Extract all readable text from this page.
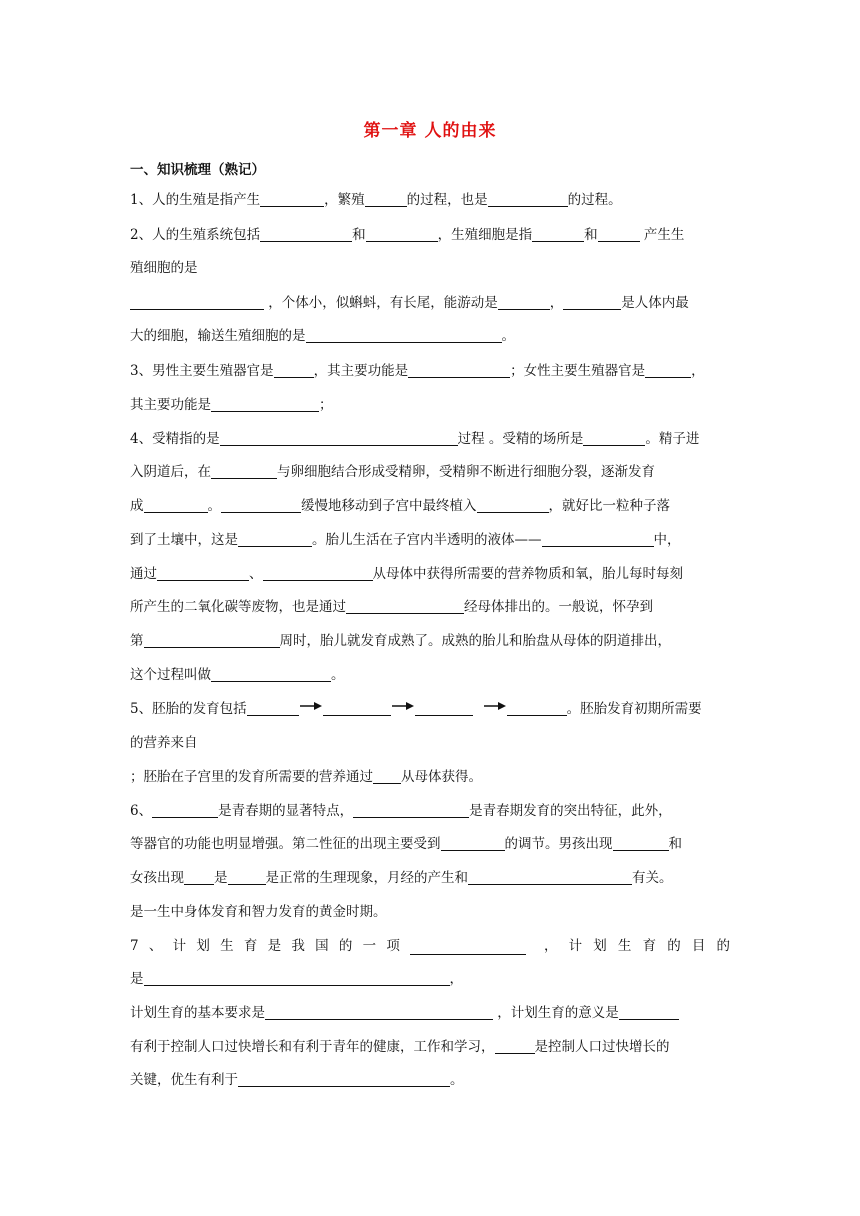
第一章 人的由来
一、知识梳理（熟记）
1、人的生殖是指产生	，繁殖	的过程，也是	的过程。
2、人的生殖系统包括	和	，生殖细胞是指	和	产生生
殖细胞的是
，个体小，似蝌蚪，有长尾，能游动是	，	是人体内最
大的细胞，输送生殖细胞的是	。
3、男性主要生殖器官是	，其主要功能是	；女性主要生殖器官是	，
其主要功能是	；
4、受精指的是	过程 。受精的场所是	。精子进
入阴道后，在	与卵细胞结合形成受精卵，受精卵不断进行细胞分裂，逐渐发育
成	。	缓慢地移动到子宫中最终植入	，就好比一粒种子落
到了土壤中，这是	。胎儿生活在子宫内半透明的液体——	中，
通过	、	从母体中获得所需要的营养物质和氧，胎儿每时每刻
所产生的二氧化碳等废物，也是通过	经母体排出的。一般说，怀孕到
第	周时，胎儿就发育成熟了。成熟的胎儿和胎盘从母体的阴道排出，
这个过程叫做	。
5、胚胎的发育包括	。胚胎发育初期所需要
的营养来自
；胚胎在子宫里的发育所需要的营养通过 从母体获得。
6、	是青春期的显著特点，	是青春期发育的突出特征，此外，
等器官的功能也明显增强。第二性征的出现主要受到	的调节。男孩出现	和
女孩出现 是	是正常的生理现象，月经的产生和	有关。
是一生中身体发育和智力发育的黄金时期。
7 、 计 划 生 育 是 我 国 的 一 项	， 计 划 生 育 的 目 的
是	，
计划生育的基本要求是	，计划生育的意义是
有利于控制人口过快增长和有利于青年的健康，工作和学习，	是控制人口过快增长的
关键，优生有利于	。
